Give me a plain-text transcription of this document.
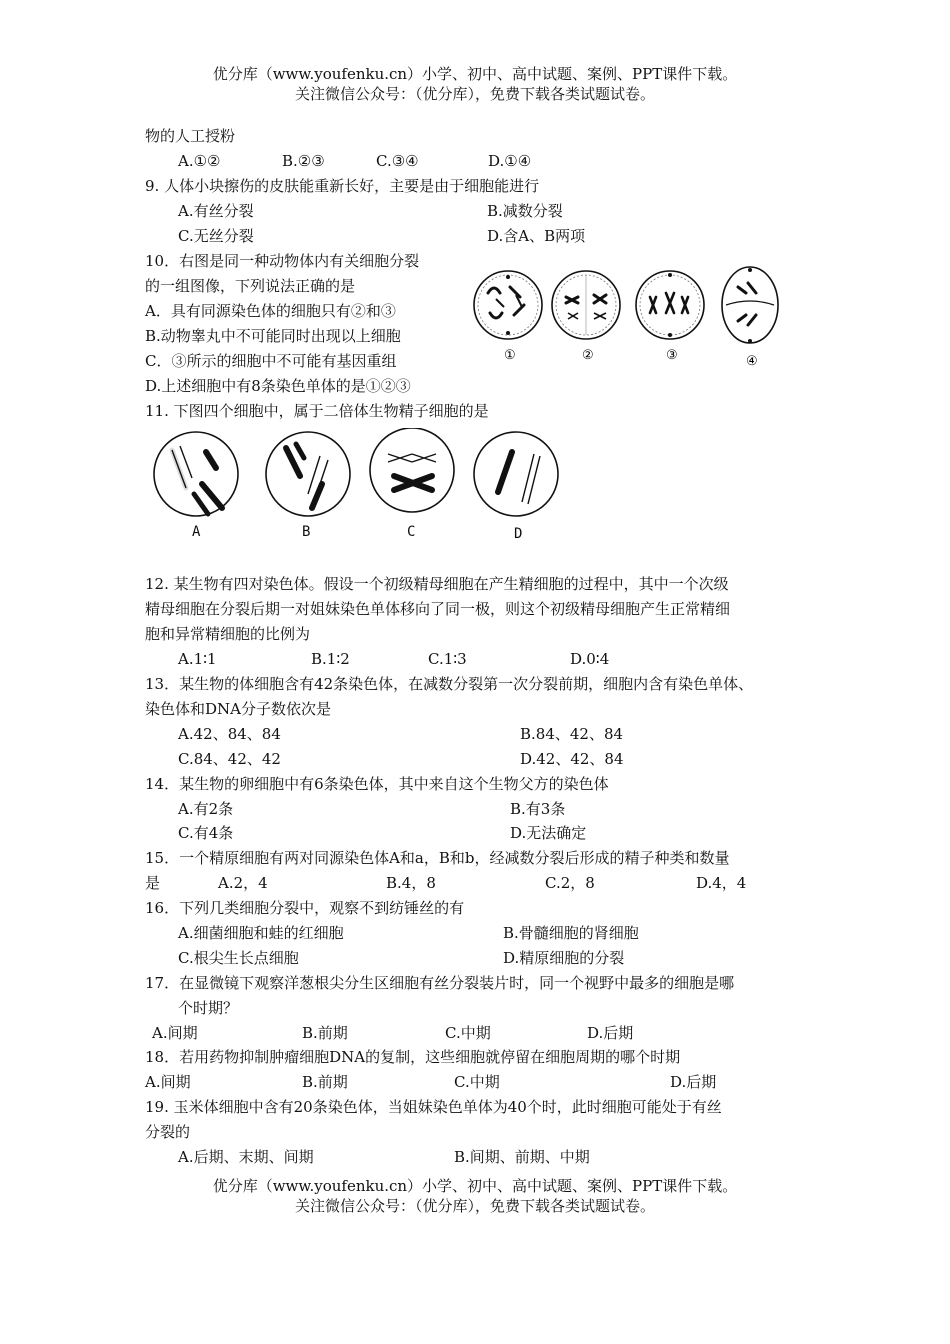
优分库（www.youfenku.cn）小学、初中、高中试题、案例、PPT课件下载。
关注微信公众号：（优分库），免费下载各类试题试卷。
物的人工授粉
A.①②	B.②③	C.③④	D.①④
9. 人体小块擦伤的皮肤能重新长好，主要是由于细胞能进行
A.有丝分裂	B.减数分裂
C.无丝分裂	D.含A、B两项
10．右图是同一种动物体内有关细胞分裂
的一组图像，下列说法正确的是
A．具有同源染色体的细胞只有②和③
B.动物睾丸中不可能同时出现以上细胞
C．③所示的细胞中不可能有基因重组
D.上述细胞中有8条染色单体的是①②③
①	②	③	④
11. 下图四个细胞中，属于二倍体生物精子细胞的是
A	B	C	D
12. 某生物有四对染色体。假设一个初级精母细胞在产生精细胞的过程中，其中一个次级
精母细胞在分裂后期一对姐妹染色单体移向了同一极，则这个初级精母细胞产生正常精细
胞和异常精细胞的比例为
A.1∶1	B.1∶2	C.1∶3	D.0∶4
13．某生物的体细胞含有42条染色体，在减数分裂第一次分裂前期，细胞内含有染色单体、
染色体和DNA分子数依次是
A.42、84、84	B.84、42、84
C.84、42、42	D.42、42、84
14．某生物的卵细胞中有6条染色体，其中来自这个生物父方的染色体
A.有2条	B.有3条
C.有4条	D.无法确定
15．一个精原细胞有两对同源染色体A和a，B和b，经减数分裂后形成的精子种类和数量
是	A.2，4	B.4，8	C.2，8	D.4，4
16．下列几类细胞分裂中，观察不到纺锤丝的有
A.细菌细胞和蛙的红细胞	B.骨髓细胞的肾细胞
C.根尖生长点细胞	D.精原细胞的分裂
17．在显微镜下观察洋葱根尖分生区细胞有丝分裂装片时，同一个视野中最多的细胞是哪
个时期？
A.间期	B.前期	C.中期	D.后期
18．若用药物抑制肿瘤细胞DNA的复制，这些细胞就停留在细胞周期的哪个时期
A.间期	B.前期	C.中期	D.后期
19. 玉米体细胞中含有20条染色体，当姐妹染色单体为40个时，此时细胞可能处于有丝
分裂的
A.后期、末期、间期	B.间期、前期、中期
优分库（www.youfenku.cn）小学、初中、高中试题、案例、PPT课件下载。
关注微信公众号：（优分库），免费下载各类试题试卷。
